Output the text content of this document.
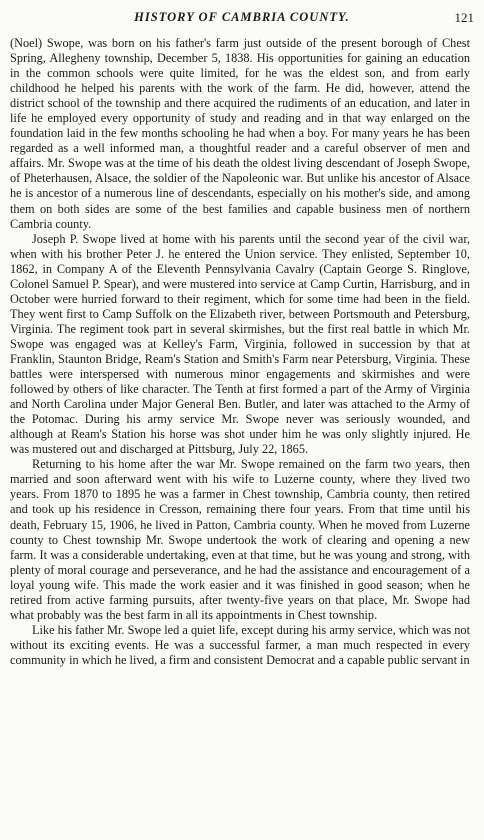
HISTORY OF CAMBRIA COUNTY.	121

(Noel) Swope, was born on his father's farm just outside of the present borough of Chest Spring, Allegheny township, December 5, 1838. His opportunities for gaining an education in the common schools were quite limited, for he was the eldest son, and from early childhood he helped his parents with the work of the farm. He did, however, attend the district school of the township and there acquired the rudiments of an education, and later in life he employed every opportunity of study and reading and in that way enlarged on the foundation laid in the few months schooling he had when a boy. For many years he has been regarded as a well informed man, a thoughtful reader and a careful observer of men and affairs. Mr. Swope was at the time of his death the oldest living descendant of Joseph Swope, of Pheterhausen, Alsace, the soldier of the Napoleonic war. But unlike his ancestor of Alsace he is ancestor of a numerous line of descendants, especially on his mother's side, and among them on both sides are some of the best families and capable business men of northern Cambria county.

Joseph P. Swope lived at home with his parents until the second year of the civil war, when with his brother Peter J. he entered the Union service. They enlisted, September 10, 1862, in Company A of the Eleventh Pennsylvania Cavalry (Captain George S. Ringlove, Colonel Samuel P. Spear), and were mustered into service at Camp Curtin, Harrisburg, and in October were hurried forward to their regiment, which for some time had been in the field. They went first to Camp Suffolk on the Elizabeth river, between Portsmouth and Petersburg, Virginia. The regiment took part in several skirmishes, but the first real battle in which Mr. Swope was engaged was at Kelley's Farm, Virginia, followed in succession by that at Franklin, Staunton Bridge, Ream's Station and Smith's Farm near Petersburg, Virginia. These battles were interspersed with numerous minor engagements and skirmishes and were followed by others of like character. The Tenth at first formed a part of the Army of Virginia and North Carolina under Major General Ben. Butler, and later was attached to the Army of the Potomac. During his army service Mr. Swope never was seriously wounded, and although at Ream's Station his horse was shot under him he was only slightly injured. He was mustered out and discharged at Pittsburg, July 22, 1865.

Returning to his home after the war Mr. Swope remained on the farm two years, then married and soon afterward went with his wife to Luzerne county, where they lived two years. From 1870 to 1895 he was a farmer in Chest township, Cambria county, then retired and took up his residence in Cresson, remaining there four years. From that time until his death, February 15, 1906, he lived in Patton, Cambria county. When he moved from Luzerne county to Chest township Mr. Swope undertook the work of clearing and opening a new farm. It was a considerable undertaking, even at that time, but he was young and strong, with plenty of moral courage and perseverance, and he had the assistance and encouragement of a loyal young wife. This made the work easier and it was finished in good season; when he retired from active farming pursuits, after twenty-five years on that place, Mr. Swope had what probably was the best farm in all its appointments in Chest township.

Like his father Mr. Swope led a quiet life, except during his army service, which was not without its exciting events. He was a successful farmer, a man much respected in every community in which he lived, a firm and consistent Democrat and a capable public servant in
